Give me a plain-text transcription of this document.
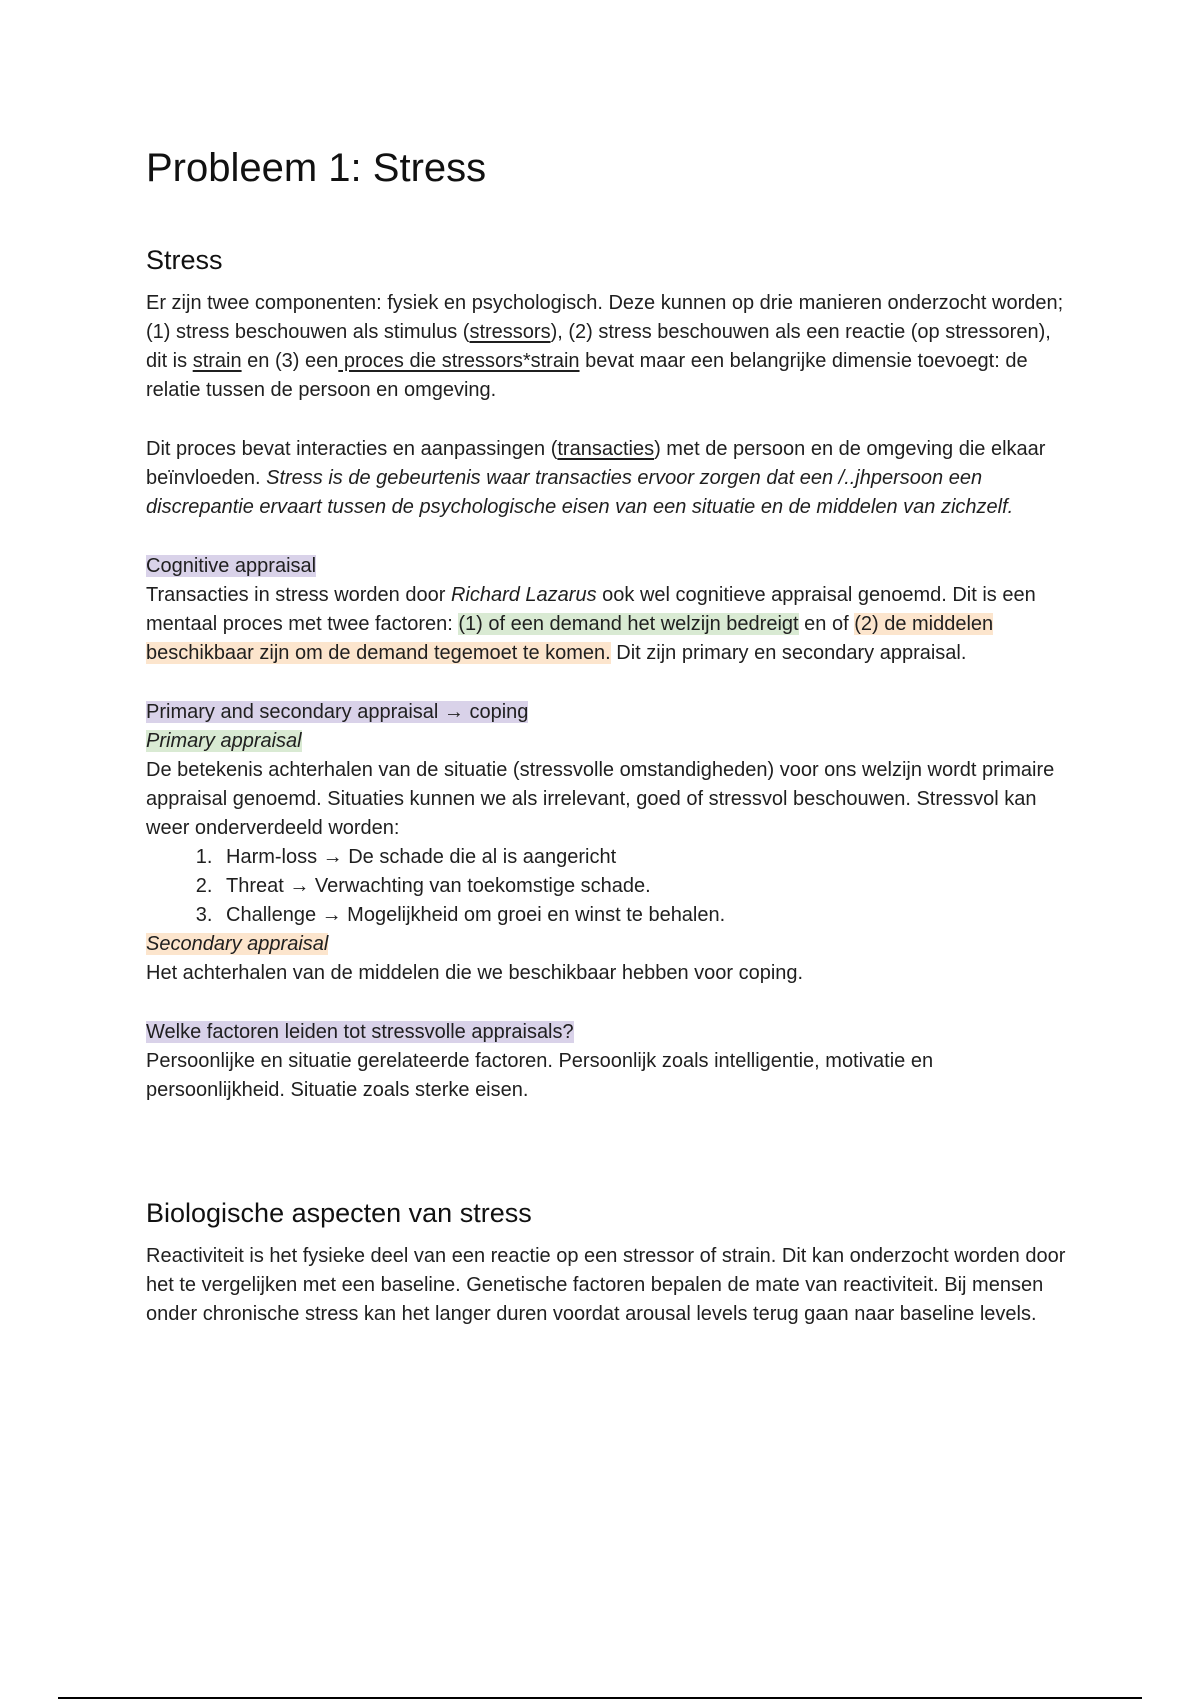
Probleem 1: Stress
Stress

Er zijn twee componenten: fysiek en psychologisch. Deze kunnen op drie manieren onderzocht worden; (1) stress beschouwen als stimulus (stressors), (2) stress beschouwen als een reactie (op stressoren), dit is strain en (3) een proces die stressors*strain bevat maar een belangrijke dimensie toevoegt: de relatie tussen de persoon en omgeving.

Dit proces bevat interacties en aanpassingen (transacties) met de persoon en de omgeving die elkaar beïnvloeden. Stress is de gebeurtenis waar transacties ervoor zorgen dat een /..jhpersoon een discrepantie ervaart tussen de psychologische eisen van een situatie en de middelen van zichzelf.

Cognitive appraisal

Transacties in stress worden door Richard Lazarus ook wel cognitieve appraisal genoemd. Dit is een mentaal proces met twee factoren: (1) of een demand het welzijn bedreigt en of (2) de middelen beschikbaar zijn om de demand tegemoet te komen. Dit zijn primary en secondary appraisal.

Primary and secondary appraisal → coping

Primary appraisal

De betekenis achterhalen van de situatie (stressvolle omstandigheden) voor ons welzijn wordt primaire appraisal genoemd. Situaties kunnen we als irrelevant, goed of stressvol beschouwen. Stressvol kan weer onderverdeeld worden:

1. Harm-loss → De schade die al is aangericht
2. Threat → Verwachting van toekomstige schade.
3. Challenge → Mogelijkheid om groei en winst te behalen.

Secondary appraisal

Het achterhalen van de middelen die we beschikbaar hebben voor coping.

Welke factoren leiden tot stressvolle appraisals?

Persoonlijke en situatie gerelateerde factoren. Persoonlijk zoals intelligentie, motivatie en persoonlijkheid. Situatie zoals sterke eisen.

Biologische aspecten van stress

Reactiviteit is het fysieke deel van een reactie op een stressor of strain. Dit kan onderzocht worden door het te vergelijken met een baseline. Genetische factoren bepalen de mate van reactiviteit. Bij mensen onder chronische stress kan het langer duren voordat arousal levels terug gaan naar baseline levels.
